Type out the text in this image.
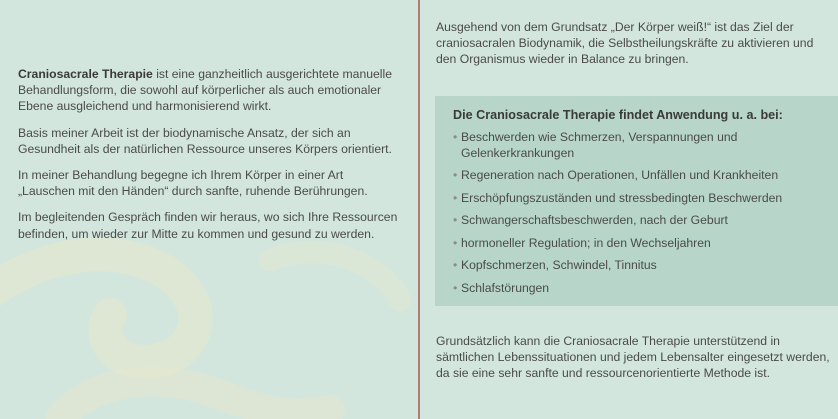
Craniosacrale Therapie ist eine ganzheitlich ausgerichtete manuelle Behandlungsform, die sowohl auf körperlicher als auch emotionaler Ebene ausgleichend und harmonisierend wirkt.

Basis meiner Arbeit ist der biodynamische Ansatz, der sich an Gesundheit als der natürlichen Ressource unseres Körpers orientiert.

In meiner Behandlung begegne ich Ihrem Körper in einer Art „Lauschen mit den Händen“ durch sanfte, ruhende Berührungen.

Im begleitenden Gespräch finden wir heraus, wo sich Ihre Ressourcen befinden, um wieder zur Mitte zu kommen und gesund zu werden.

Ausgehend von dem Grundsatz „Der Körper weiß!“ ist das Ziel der craniosacralen Biodynamik, die Selbstheilungskräfte zu aktivieren und den Organismus wieder in Balance zu bringen.

Die Craniosacrale Therapie findet Anwendung u. a. bei:
• Beschwerden wie Schmerzen, Verspannungen und Gelenkerkrankungen
• Regeneration nach Operationen, Unfällen und Krankheiten
• Erschöpfungszuständen und stressbedingten Beschwerden
• Schwangerschaftsbeschwerden, nach der Geburt
• hormoneller Regulation; in den Wechseljahren
• Kopfschmerzen, Schwindel, Tinnitus
• Schlafstörungen

Grundsätzlich kann die Craniosacrale Therapie unterstützend in sämtlichen Lebenssituationen und jedem Lebensalter eingesetzt werden, da sie eine sehr sanfte und ressourcenorientierte Methode ist.
